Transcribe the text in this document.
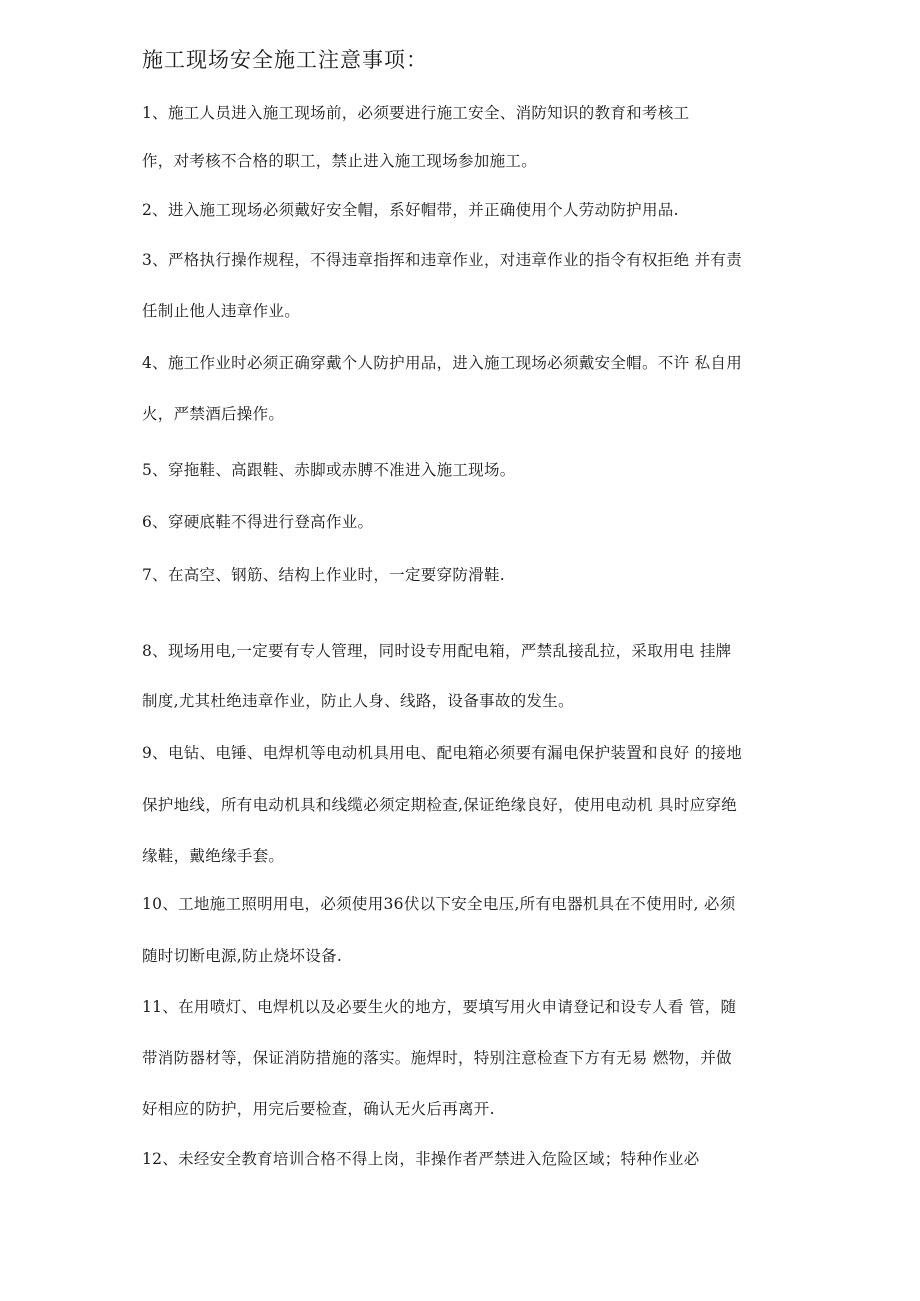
施工现场安全施工注意事项：
1、施工人员进入施工现场前，必须要进行施工安全、消防知识的教育和考核工
作，对考核不合格的职工，禁止进入施工现场参加施工。
2、进入施工现场必须戴好安全帽，系好帽带，并正确使用个人劳动防护用品.
3、严格执行操作规程，不得违章指挥和违章作业，对违章作业的指令有权拒绝 并有责
任制止他人违章作业。
4、施工作业时必须正确穿戴个人防护用品，进入施工现场必须戴安全帽。不许 私自用
火，严禁酒后操作。
5、穿拖鞋、高跟鞋、赤脚或赤膊不准进入施工现场。
6、穿硬底鞋不得进行登高作业。
7、在高空、钢筋、结构上作业时，一定要穿防滑鞋.
8、现场用电,一定要有专人管理，同时设专用配电箱，严禁乱接乱拉，采取用电 挂牌
制度,尤其杜绝违章作业，防止人身、线路，设备事故的发生。
9、电钻、电锤、电焊机等电动机具用电、配电箱必须要有漏电保护装置和良好 的接地
保护地线，所有电动机具和线缆必须定期检查,保证绝缘良好，使用电动机 具时应穿绝
缘鞋，戴绝缘手套。
10、工地施工照明用电，必须使用36伏以下安全电压,所有电器机具在不使用时, 必须
随时切断电源,防止烧坏设备.
11、在用喷灯、电焊机以及必要生火的地方，要填写用火申请登记和设专人看 管，随
带消防器材等，保证消防措施的落实。施焊时，特别注意检查下方有无易 燃物，并做
好相应的防护，用完后要检查，确认无火后再离开.
12、未经安全教育培训合格不得上岗，非操作者严禁进入危险区域；特种作业必
